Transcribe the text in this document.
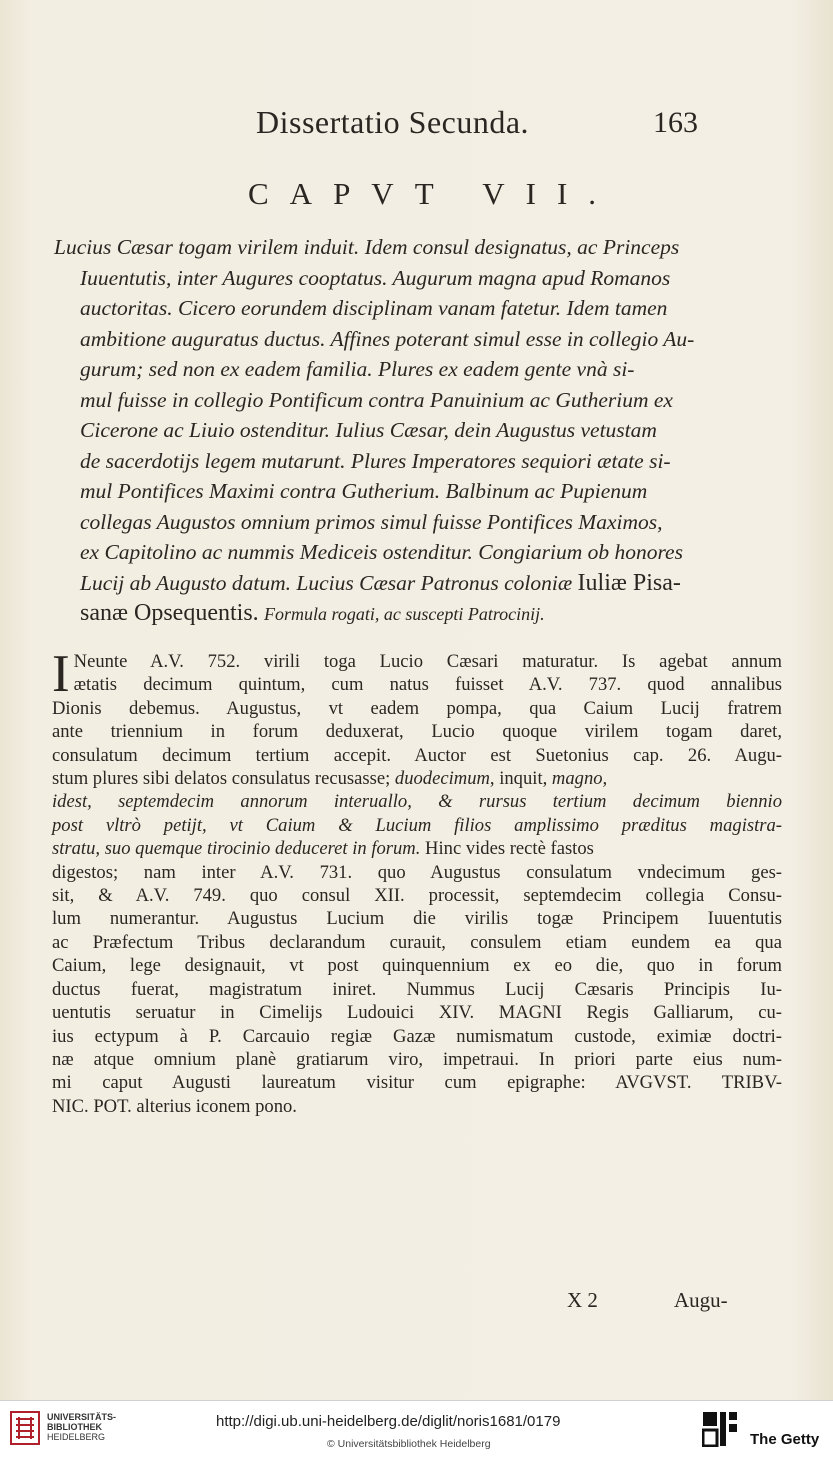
Dissertatio Secunda.	163
CAPVT VII.
Lucius Cæsar togam virilem induit. Idem consul designatus, ac Princeps
Iuuentutis, inter Augures cooptatus. Augurum magna apud Romanos
auctoritas. Cicero eorundem disciplinam vanam fatetur. Idem tamen
ambitione auguratus ductus. Affines poterant simul esse in collegio Au-
gurum; sed non ex eadem familia. Plures ex eadem gente vnà si-
mul fuisse in collegio Pontificum contra Panuinium ac Gutherium ex
Cicerone ac Liuio ostenditur. Iulius Cæsar, dein Augustus vetustam
de sacerdotijs legem mutarunt. Plures Imperatores sequiori ætate si-
mul Pontifices Maximi contra Gutherium. Balbinum ac Pupienum
collegas Augustos omnium primos simul fuisse Pontifices Maximos,
ex Capitolino ac nummis Mediceis ostenditur. Congiarium ob honores
Lucij ab Augusto datum. Lucius Cæsar Patronus coloniæ Iuliæ Pisa-
sanæ Opsequentis. Formula rogati, ac suscepti Patrocinij.
I Neunte A.V. 752. virili toga Lucio Cæsari maturatur. Is agebat annum
ætatis decimum quintum, cum natus fuisset A.V. 737. quod annalibus
Dionis debemus. Augustus, vt eadem pompa, qua Caium Lucij fratrem
ante triennium in forum deduxerat, Lucio quoque virilem togam daret,
consulatum decimum tertium accepit. Auctor est Suetonius cap. 26. Augu-
stum plures sibi delatos consulatus recusasse; duodecimum, inquit, magno,
idest, septemdecim annorum interuallo, & rursus tertium decimum biennio
post vltrò petijt, vt Caium & Lucium filios amplissimo præditus magistra-
stratu, suo quemque tirocinio deduceret in forum. Hinc vides rectè fastos
digestos; nam inter A.V. 731. quo Augustus consulatum vndecimum ges-
sit, & A.V. 749. quo consul XII. processit, septemdecim collegia Consu-
lum numerantur. Augustus Lucium die virilis togæ Principem Iuuentutis
ac Præfectum Tribus declarandum curauit, consulem etiam eundem ea qua
Caium, lege designauit, vt post quinquennium ex eo die, quo in forum
ductus fuerat, magistratum iniret. Nummus Lucij Cæsaris Principis Iu-
uentutis seruatur in Cimelijs Ludouici XIV. MAGNI Regis Galliarum, cu-
ius ectypum à P. Carcauio regiæ Gazæ numismatum custode, eximiæ doctri-
næ atque omnium planè gratiarum viro, impetraui. In priori parte eius num-
mi caput Augusti laureatum visitur cum epigraphe: AVGVST. TRIBV-
NIC. POT. alterius iconem pono.
X 2	Augu-
UNIVERSITÄTS-
BIBLIOTHEK
HEIDELBERG
http://digi.ub.uni-heidelberg.de/diglit/noris1681/0179
© Universitätsbibliothek Heidelberg	The Getty
